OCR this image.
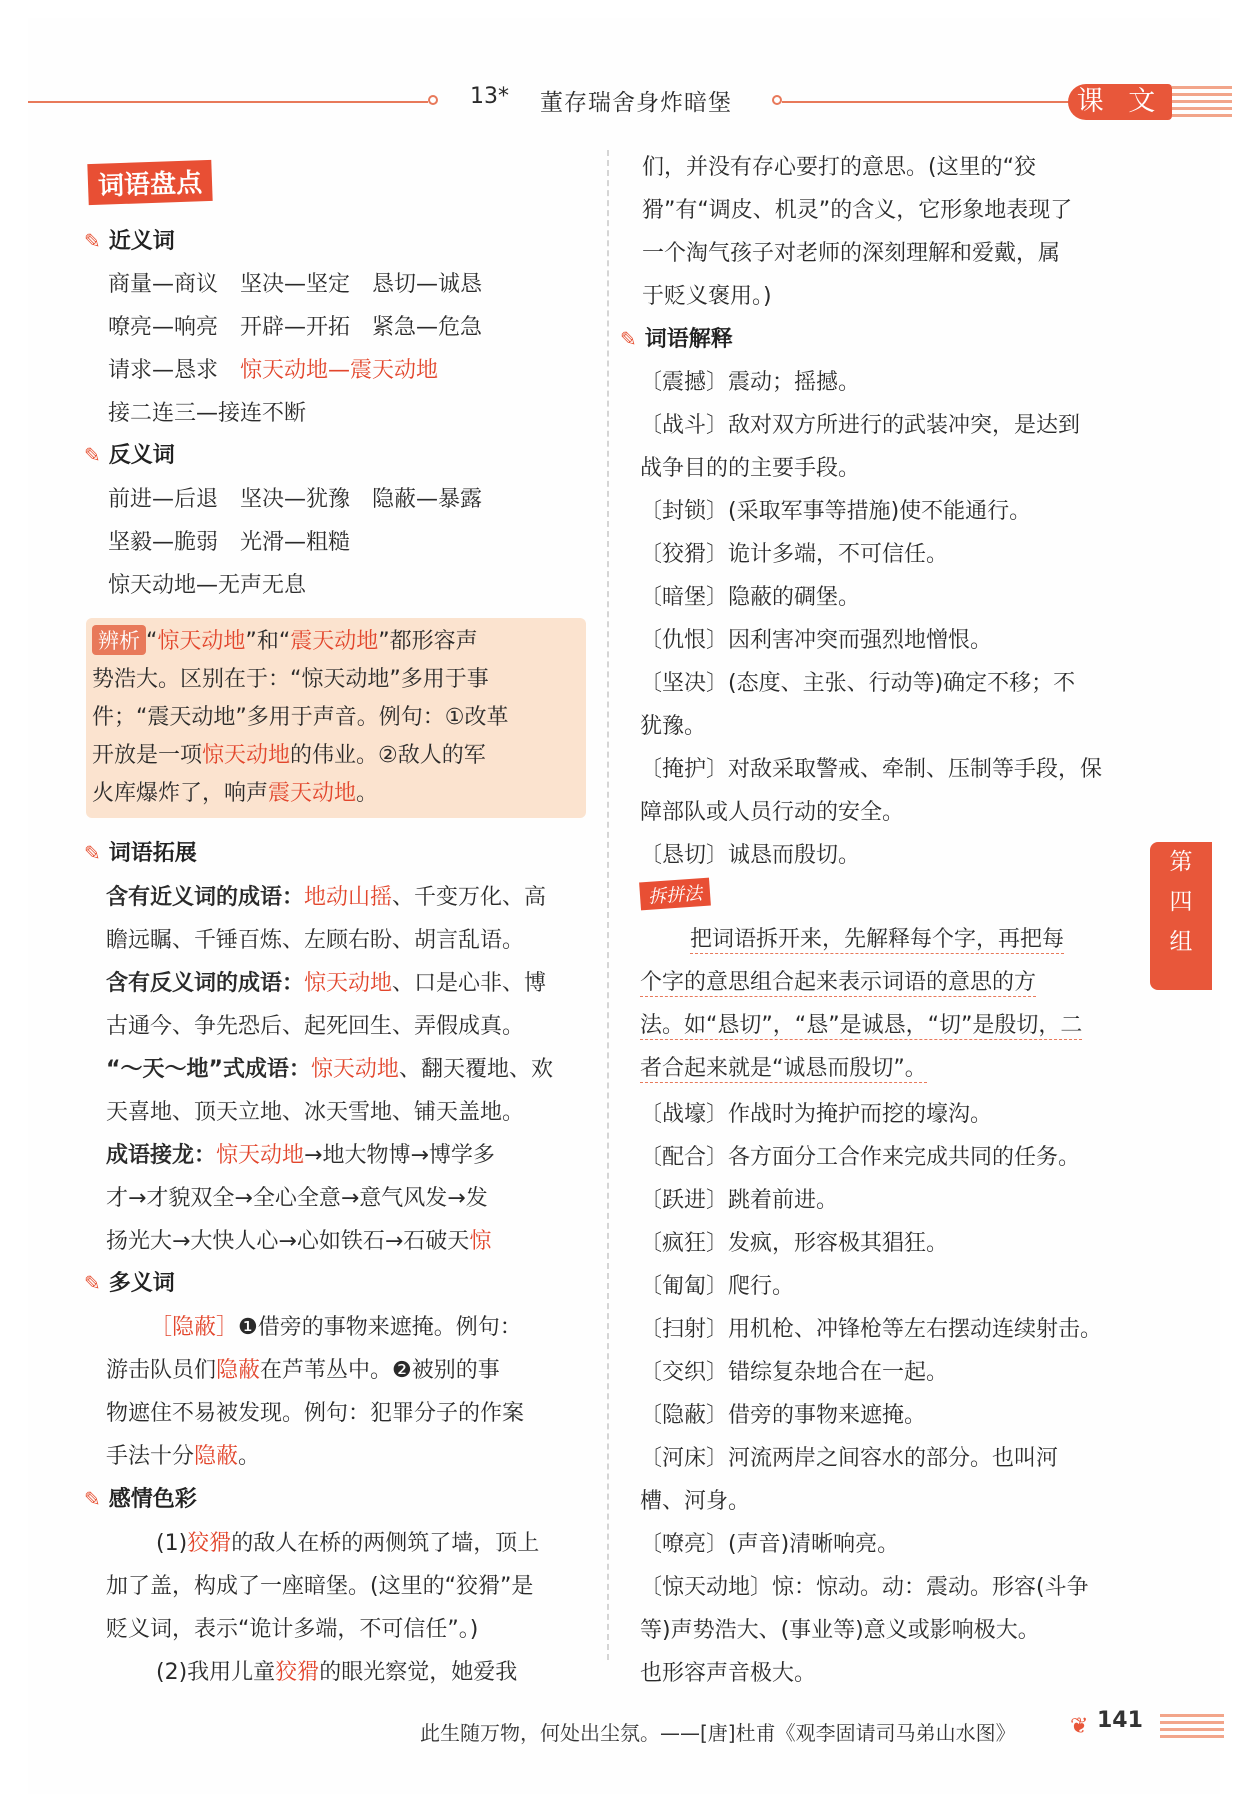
13* 董存瑞舍身炸暗堡	课 文
词语盘点
✎ 近义词
商量—商议　坚决—坚定　恳切—诚恳
嘹亮—响亮　开辟—开拓　紧急—危急
请求—恳求　惊天动地—震天动地
接二连三—接连不断
✎ 反义词
前进—后退　坚决—犹豫　隐蔽—暴露
坚毅—脆弱　光滑—粗糙
惊天动地—无声无息
辨析 “惊天动地”和“震天动地”都形容声
势浩大。区别在于：“惊天动地”多用于事
件；“震天动地”多用于声音。例句：①改革
开放是一项惊天动地的伟业。②敌人的军
火库爆炸了，响声震天动地。
✎ 词语拓展
含有近义词的成语：地动山摇、千变万化、高
瞻远瞩、千锤百炼、左顾右盼、胡言乱语。
含有反义词的成语：惊天动地、口是心非、博
古通今、争先恐后、起死回生、弄假成真。
“～天～地”式成语：惊天动地、翻天覆地、欢
天喜地、顶天立地、冰天雪地、铺天盖地。
成语接龙：惊天动地→地大物博→博学多
才→才貌双全→全心全意→意气风发→发
扬光大→大快人心→心如铁石→石破天惊
✎ 多义词
［隐蔽］❶借旁的事物来遮掩。例句：
游击队员们隐蔽在芦苇丛中。❷被别的事
物遮住不易被发现。例句：犯罪分子的作案
手法十分隐蔽。
✎ 感情色彩
(1)狡猾的敌人在桥的两侧筑了墙，顶上
加了盖，构成了一座暗堡。(这里的“狡猾”是
贬义词，表示“诡计多端，不可信任”。)
(2)我用儿童狡猾的眼光察觉，她爱我
们，并没有存心要打的意思。(这里的“狡
猾”有“调皮、机灵”的含义，它形象地表现了
一个淘气孩子对老师的深刻理解和爱戴，属
于贬义褒用。)
✎ 词语解释
〔震撼〕震动；摇撼。
〔战斗〕敌对双方所进行的武装冲突，是达到
战争目的的主要手段。
〔封锁〕(采取军事等措施)使不能通行。
〔狡猾〕诡计多端，不可信任。
〔暗堡〕隐蔽的碉堡。
〔仇恨〕因利害冲突而强烈地憎恨。
〔坚决〕(态度、主张、行动等)确定不移；不
犹豫。
〔掩护〕对敌采取警戒、牵制、压制等手段，保
障部队或人员行动的安全。
〔恳切〕诚恳而殷切。
拆拼法
把词语拆开来，先解释每个字，再把每
个字的意思组合起来表示词语的意思的方
法。如“恳切”，“恳”是诚恳，“切”是殷切，二
者合起来就是“诚恳而殷切”。
〔战壕〕作战时为掩护而挖的壕沟。
〔配合〕各方面分工合作来完成共同的任务。
〔跃进〕跳着前进。
〔疯狂〕发疯，形容极其猖狂。
〔匍匐〕爬行。
〔扫射〕用机枪、冲锋枪等左右摆动连续射击。
〔交织〕错综复杂地合在一起。
〔隐蔽〕借旁的事物来遮掩。
〔河床〕河流两岸之间容水的部分。也叫河
槽、河身。
〔嘹亮〕(声音)清晰响亮。
〔惊天动地〕惊：惊动。动：震动。形容(斗争
等)声势浩大、(事业等)意义或影响极大。
也形容声音极大。
第
四
组
此生随万物，何处出尘氛。——[唐]杜甫《观李固请司马弟山水图》 ❦ 141
